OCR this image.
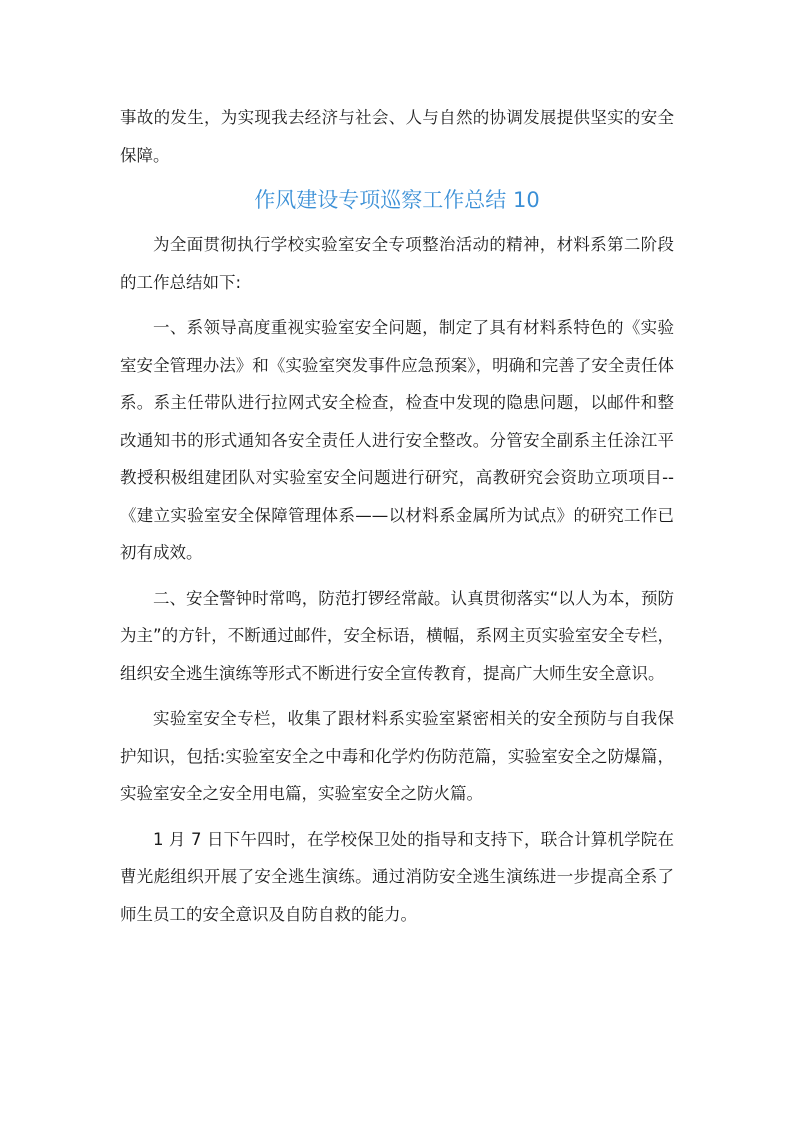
事故的发生，为实现我去经济与社会、人与自然的协调发展提供坚实的安全保障。

作风建设专项巡察工作总结 10

为全面贯彻执行学校实验室安全专项整治活动的精神，材料系第二阶段的工作总结如下:

一、系领导高度重视实验室安全问题，制定了具有材料系特色的《实验室安全管理办法》和《实验室突发事件应急预案》，明确和完善了安全责任体系。系主任带队进行拉网式安全检查，检查中发现的隐患问题，以邮件和整改通知书的形式通知各安全责任人进行安全整改。分管安全副系主任涂江平教授积极组建团队对实验室安全问题进行研究，高教研究会资助立项项目--《建立实验室安全保障管理体系——以材料系金属所为试点》的研究工作已初有成效。

二、安全警钟时常鸣，防范打锣经常敲。认真贯彻落实“以人为本，预防为主”的方针，不断通过邮件，安全标语，横幅，系网主页实验室安全专栏，组织安全逃生演练等形式不断进行安全宣传教育，提高广大师生安全意识。

实验室安全专栏，收集了跟材料系实验室紧密相关的安全预防与自我保护知识，包括:实验室安全之中毒和化学灼伤防范篇，实验室安全之防爆篇，实验室安全之安全用电篇，实验室安全之防火篇。

1 月 7 日下午四时，在学校保卫处的指导和支持下，联合计算机学院在曹光彪组织开展了安全逃生演练。通过消防安全逃生演练进一步提高全系了师生员工的安全意识及自防自救的能力。
